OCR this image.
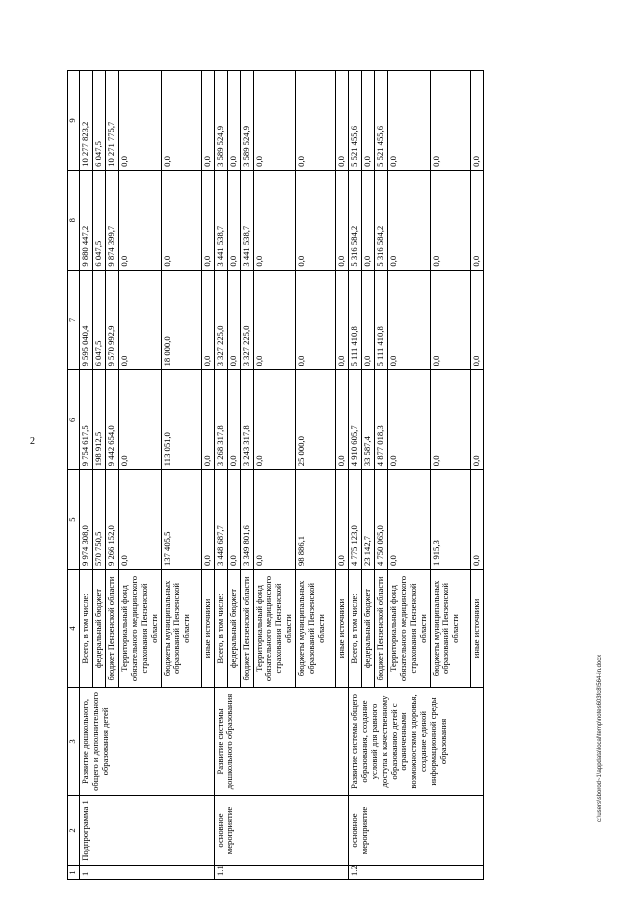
2
1	2	3	4	5	6	7	8	9
1	Подпрограмма 1	Развитие дошкольного, общего и дополнительного образования детей	Всего, в том числе:	9 974 308,0	9 754 617,5	9 595 040,4	9 880 447,2	10 277 823,2
			федеральный бюджет	570 750,5	198 912,5	6 047,5	6 047,5	6 047,5
			бюджет Пензенской области	9 266 152,0	9 442 654,0	9 570 992,9	9 874 399,7	10 271 775,7
			Территориальный фонд обязательного медицинского страхования Пензенской области	0,0	0,0	0,0	0,0	0,0
			бюджеты муниципальных образований Пензенской области	137 405,5	113 051,0	18 000,0	0,0	0,0
			иные источники	0,0	0,0	0,0	0,0	0,0
1.1	основное мероприятие	Развитие системы дошкольного образования	Всего, в том числе:	3 448 687,7	3 268 317,8	3 327 225,0	3 441 538,7	3 589 524,9
			федеральный бюджет	0,0	0,0	0,0	0,0	0,0
			бюджет Пензенской области	3 349 801,6	3 243 317,8	3 327 225,0	3 441 538,7	3 589 524,9
			Территориальный фонд обязательного медицинского страхования Пензенской области	0,0	0,0	0,0	0,0	0,0
			бюджеты муниципальных образований Пензенской области	98 886,1	25 000,0	0,0	0,0	0,0
			иные источники	0,0	0,0	0,0	0,0	0,0
1.2	основное мероприятие	Развитие системы общего образования, создание условий для равного доступа к качественному образованию детей с ограниченными возможностями здоровья, создание единой информационной среды образования	Всего, в том числе:	4 775 123,0	4 910 605,7	5 111 410,8	5 316 584,2	5 521 455,6
			федеральный бюджет	23 142,7	33 587,4	0,0	0,0	0,0
			бюджет Пензенской области	4 750 065,0	4 877 018,3	5 111 410,8	5 316 584,2	5 521 455,6
			Территориальный фонд обязательного медицинского страхования Пензенской области	0,0	0,0	0,0	0,0	0,0
			бюджеты муниципальных образований Пензенской области	1 915,3	0,0	0,0	0,0	0,0
			иные источники	0,0	0,0	0,0	0,0	0,0
c:\users\sborod~1\appdata\local\temp\notes603fc8\564-in.docx
